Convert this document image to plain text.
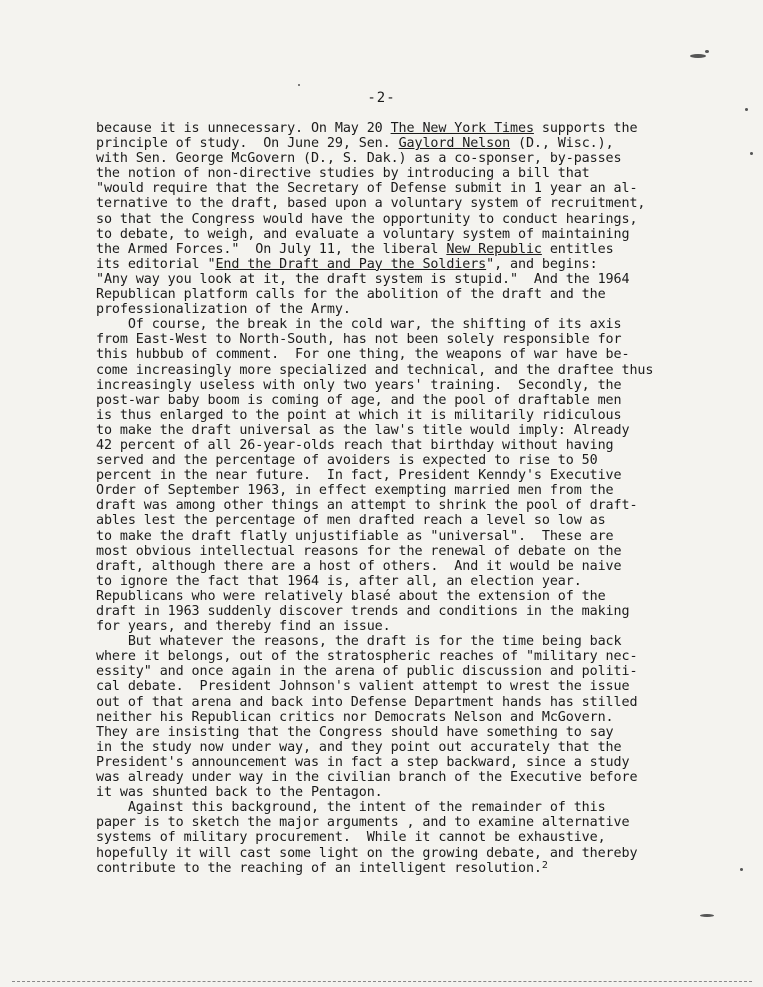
-2-
because it is unnecessary. On May 20 The New York Times supports the
principle of study.  On June 29, Sen. Gaylord Nelson (D., Wisc.),
with Sen. George McGovern (D., S. Dak.) as a co-sponser, by-passes
the notion of non-directive studies by introducing a bill that
"would require that the Secretary of Defense submit in 1 year an al-
ternative to the draft, based upon a voluntary system of recruitment,
so that the Congress would have the opportunity to conduct hearings,
to debate, to weigh, and evaluate a voluntary system of maintaining
the Armed Forces."  On July 11, the liberal New Republic entitles
its editorial "End the Draft and Pay the Soldiers", and begins:
"Any way you look at it, the draft system is stupid."  And the 1964
Republican platform calls for the abolition of the draft and the
professionalization of the Army.
Of course, the break in the cold war, the shifting of its axis
from East-West to North-South, has not been solely responsible for
this hubbub of comment.  For one thing, the weapons of war have be-
come increasingly more specialized and technical, and the draftee thus
increasingly useless with only two years' training.  Secondly, the
post-war baby boom is coming of age, and the pool of draftable men
is thus enlarged to the point at which it is militarily ridiculous
to make the draft universal as the law's title would imply: Already
42 percent of all 26-year-olds reach that birthday without having
served and the percentage of avoiders is expected to rise to 50
percent in the near future.  In fact, President Kenndy's Executive
Order of September 1963, in effect exempting married men from the
draft was among other things an attempt to shrink the pool of draft-
ables lest the percentage of men drafted reach a level so low as
to make the draft flatly unjustifiable as "universal".  These are
most obvious intellectual reasons for the renewal of debate on the
draft, although there are a host of others.  And it would be naive
to ignore the fact that 1964 is, after all, an election year.
Republicans who were relatively blasé about the extension of the
draft in 1963 suddenly discover trends and conditions in the making
for years, and thereby find an issue.
But whatever the reasons, the draft is for the time being back
where it belongs, out of the stratospheric reaches of "military nec-
essity" and once again in the arena of public discussion and politi-
cal debate.  President Johnson's valient attempt to wrest the issue
out of that arena and back into Defense Department hands has stilled
neither his Republican critics nor Democrats Nelson and McGovern.
They are insisting that the Congress should have something to say
in the study now under way, and they point out accurately that the
President's announcement was in fact a step backward, since a study
was already under way in the civilian branch of the Executive before
it was shunted back to the Pentagon.
Against this background, the intent of the remainder of this
paper is to sketch the major arguments , and to examine alternative
systems of military procurement.  While it cannot be exhaustive,
hopefully it will cast some light on the growing debate, and thereby
contribute to the reaching of an intelligent resolution.$^2$
